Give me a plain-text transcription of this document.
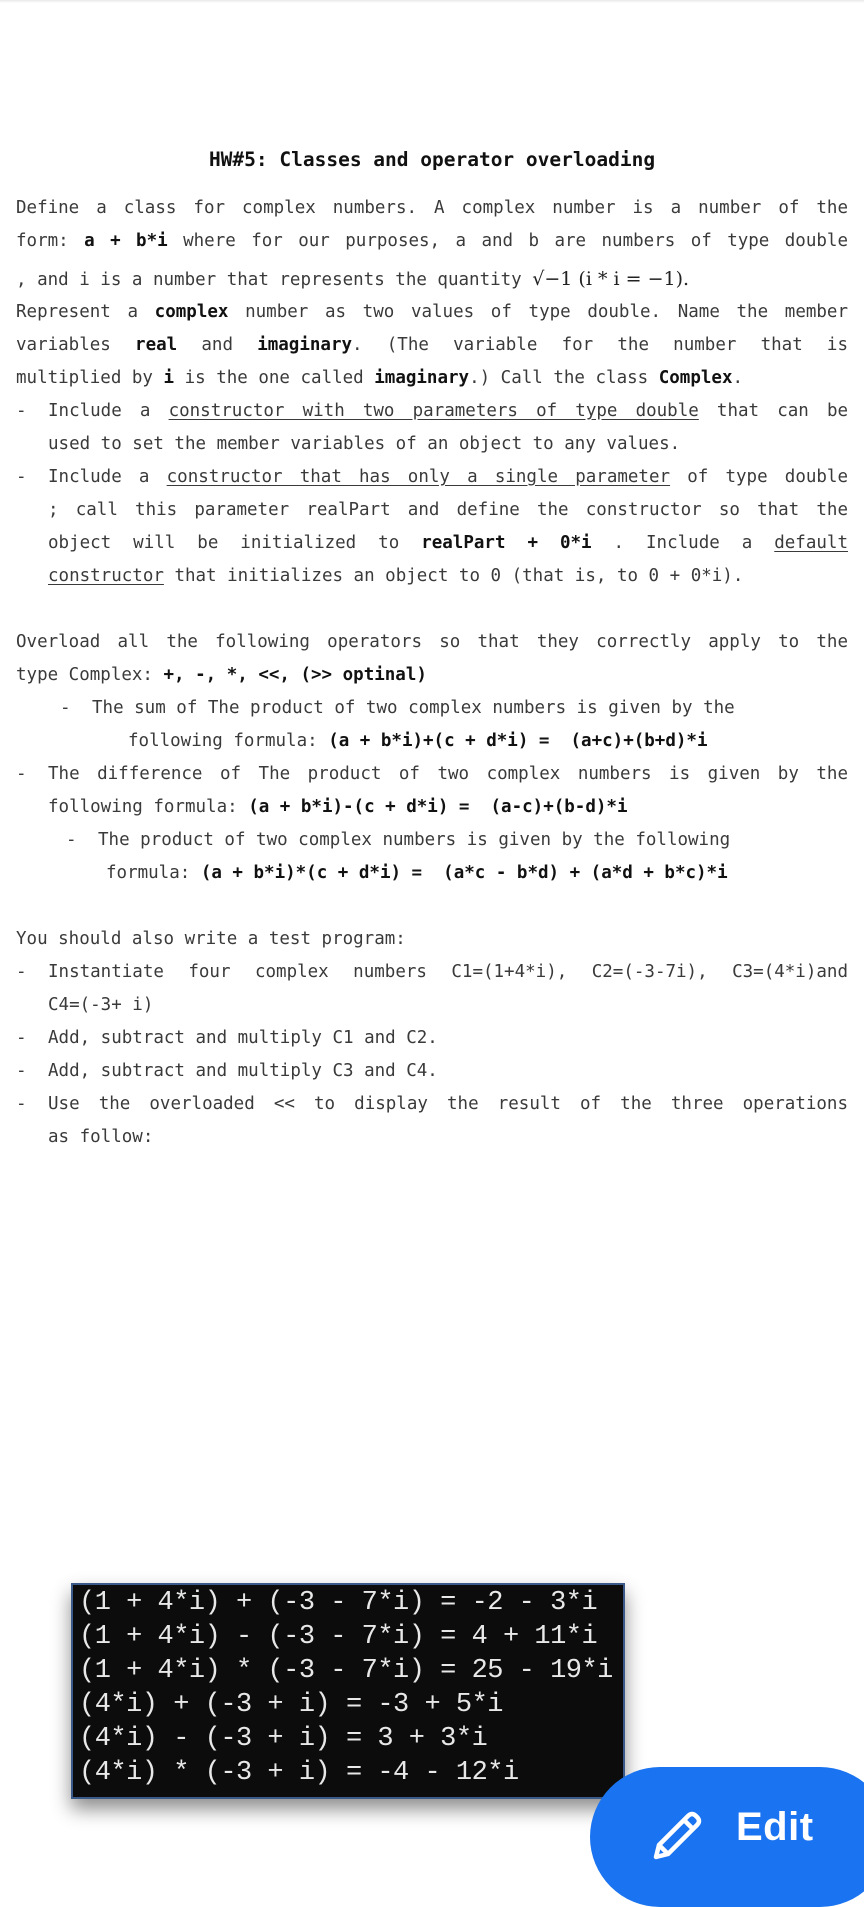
HW#5: Classes and operator overloading
Define a class for complex numbers. A complex number is a number of the
form: a + b*i where for our purposes, a and b are numbers of type double
, and i is a number that represents the quantity √−1 (i * i = −1).
Represent a complex number as two values of type double. Name the member
variables real and imaginary. (The variable for the number that is
multiplied by i is the one called imaginary.) Call the class Complex.
- Include a constructor with two parameters of type double that can be
used to set the member variables of an object to any values.
- Include a constructor that has only a single parameter of type double
; call this parameter realPart and define the constructor so that the
object will be initialized to realPart + 0*i . Include a default
constructor that initializes an object to 0 (that is, to 0 + 0*i).
Overload all the following operators so that they correctly apply to the
type Complex: +, -, *, <<, (>> optinal)
- The sum of The product of two complex numbers is given by the
following formula: (a + b*i)+(c + d*i) =  (a+c)+(b+d)*i
- The difference of The product of two complex numbers is given by the
following formula: (a + b*i)-(c + d*i) =  (a-c)+(b-d)*i
- The product of two complex numbers is given by the following
formula: (a + b*i)*(c + d*i) =  (a*c - b*d) + (a*d + b*c)*i
You should also write a test program:
- Instantiate four complex numbers C1=(1+4*i), C2=(-3-7i), C3=(4*i)and
C4=(-3+ i)
- Add, subtract and multiply C1 and C2.
- Add, subtract and multiply C3 and C4.
- Use the overloaded << to display the result of the three operations
as follow:
(1 + 4*i) + (-3 - 7*i) = -2 - 3*i
(1 + 4*i) - (-3 - 7*i) = 4 + 11*i
(1 + 4*i) * (-3 - 7*i) = 25 - 19*i
(4*i) + (-3 + i) = -3 + 5*i
(4*i) - (-3 + i) = 3 + 3*i
(4*i) * (-3 + i) = -4 - 12*i
Edit
